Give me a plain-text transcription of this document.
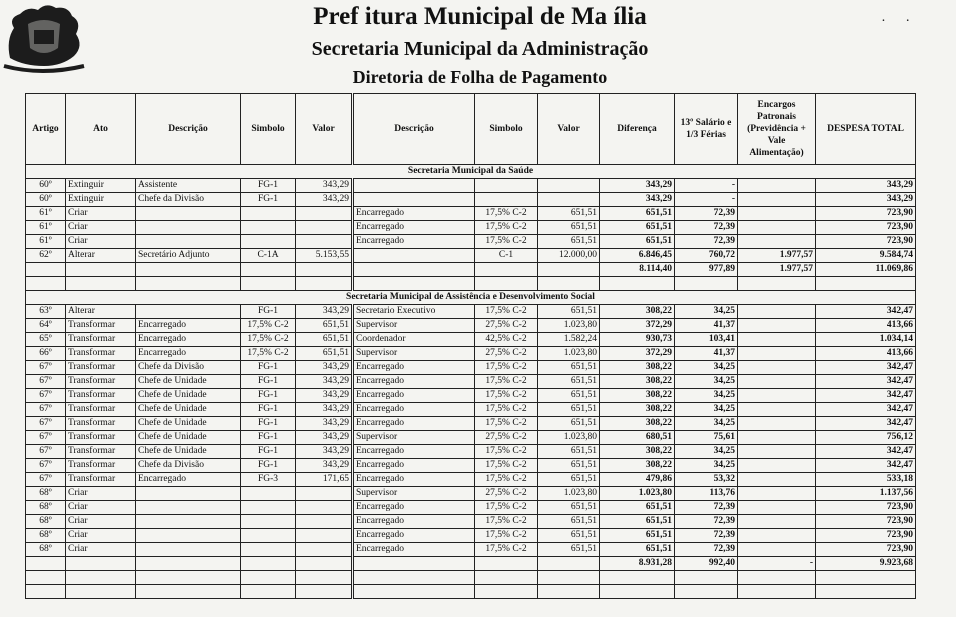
Pref itura Municipal de Ma ília
Secretaria Municipal da Administração
Diretoria de Folha de Pagamento
· ·
Artigo	Ato	Descrição	Simbolo	Valor	Descrição	Simbolo	Valor	Diferença	13º Salário e 1/3 Férias	Encargos Patronais (Previdência + Vale Alimentação)	DESPESA TOTAL
Secretaria Municipal da Saúde											
60º	Extinguir	Assistente	FG-1	343,29				343,29	-		343,29
60º	Extinguir	Chefe da Divisão	FG-1	343,29				343,29	-		343,29
61º	Criar				Encarregado	17,5% C-2	651,51	651,51	72,39		723,90
61º	Criar				Encarregado	17,5% C-2	651,51	651,51	72,39		723,90
61º	Criar				Encarregado	17,5% C-2	651,51	651,51	72,39		723,90
62º	Alterar	Secretário Adjunto	C-1A	5.153,55		C-1	12.000,00	6.846,45	760,72	1.977,57	9.584,74
								8.114,40	977,89	1.977,57	11.069,86

Secretaria Municipal de Assistência e Desenvolvimento Social											
63º	Alterar		FG-1	343,29	Secretario Executivo	17,5% C-2	651,51	308,22	34,25		342,47
64º	Transformar	Encarregado	17,5% C-2	651,51	Supervisor	27,5% C-2	1.023,80	372,29	41,37		413,66
65º	Transformar	Encarregado	17,5% C-2	651,51	Coordenador	42,5% C-2	1.582,24	930,73	103,41		1.034,14
66º	Transformar	Encarregado	17,5% C-2	651,51	Supervisor	27,5% C-2	1.023,80	372,29	41,37		413,66
67º	Transformar	Chefe da Divisão	FG-1	343,29	Encarregado	17,5% C-2	651,51	308,22	34,25		342,47
67º	Transformar	Chefe de Unidade	FG-1	343,29	Encarregado	17,5% C-2	651,51	308,22	34,25		342,47
67º	Transformar	Chefe de Unidade	FG-1	343,29	Encarregado	17,5% C-2	651,51	308,22	34,25		342,47
67º	Transformar	Chefe de Unidade	FG-1	343,29	Encarregado	17,5% C-2	651,51	308,22	34,25		342,47
67º	Transformar	Chefe de Unidade	FG-1	343,29	Encarregado	17,5% C-2	651,51	308,22	34,25		342,47
67º	Transformar	Chefe de Unidade	FG-1	343,29	Supervisor	27,5% C-2	1.023,80	680,51	75,61		756,12
67º	Transformar	Chefe de Unidade	FG-1	343,29	Encarregado	17,5% C-2	651,51	308,22	34,25		342,47
67º	Transformar	Chefe da Divisão	FG-1	343,29	Encarregado	17,5% C-2	651,51	308,22	34,25		342,47
67º	Transformar	Encarregado	FG-3	171,65	Encarregado	17,5% C-2	651,51	479,86	53,32		533,18
68º	Criar				Supervisor	27,5% C-2	1.023,80	1.023,80	113,76		1.137,56
68º	Criar				Encarregado	17,5% C-2	651,51	651,51	72,39		723,90
68º	Criar				Encarregado	17,5% C-2	651,51	651,51	72,39		723,90
68º	Criar				Encarregado	17,5% C-2	651,51	651,51	72,39		723,90
68º	Criar				Encarregado	17,5% C-2	651,51	651,51	72,39		723,90
								8.931,28	992,40	-	9.923,68
